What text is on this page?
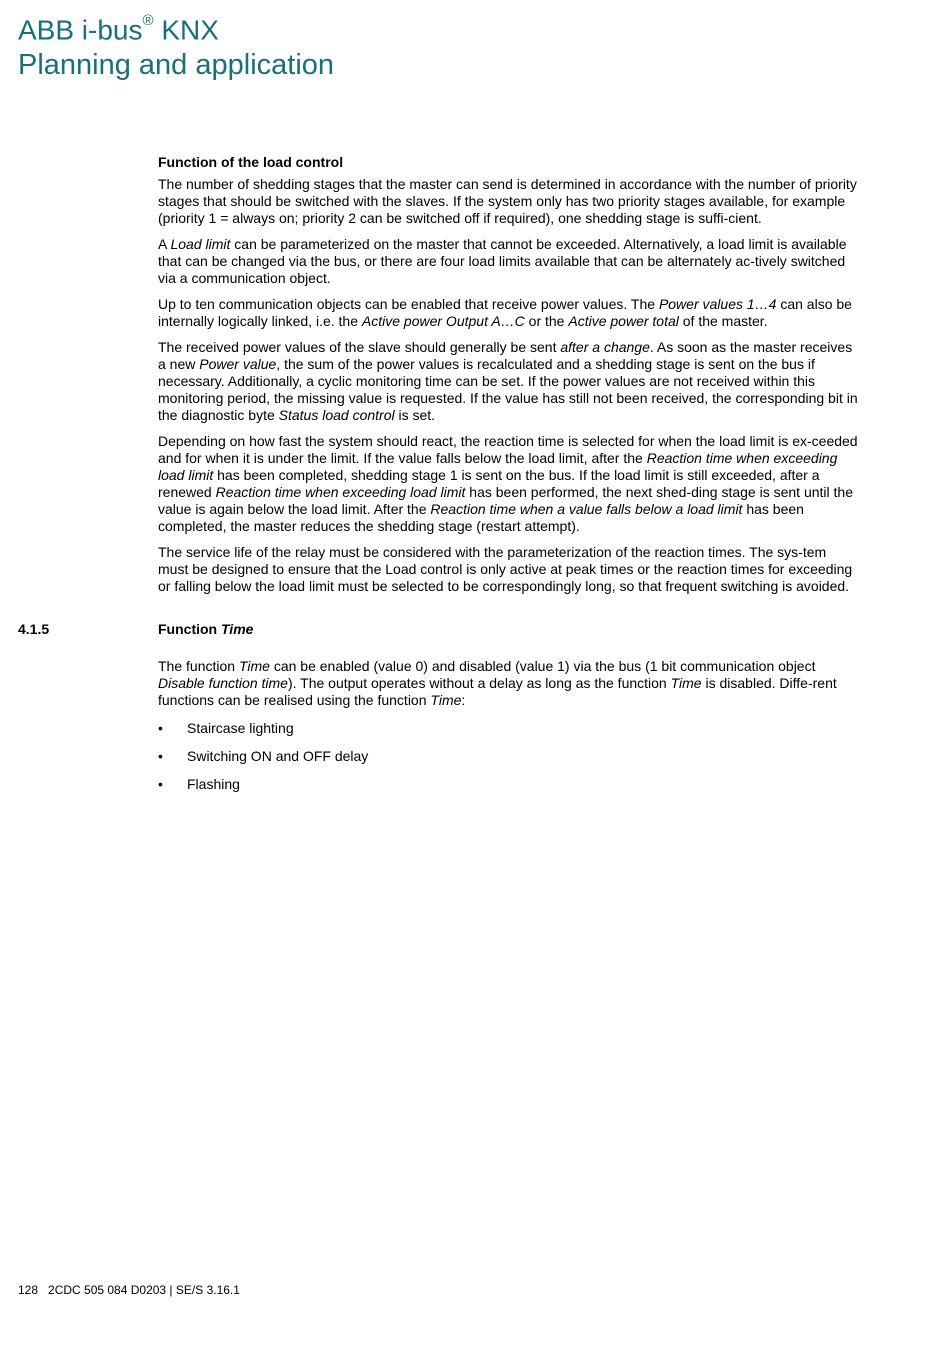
ABB i-bus® KNX
Planning and application
Function of the load control

The number of shedding stages that the master can send is determined in accordance with the number of priority stages that should be switched with the slaves. If the system only has two priority stages available, for example (priority 1 = always on; priority 2 can be switched off if required), one shedding stage is suffi-cient.

A Load limit can be parameterized on the master that cannot be exceeded. Alternatively, a load limit is available that can be changed via the bus, or there are four load limits available that can be alternately ac-tively switched via a communication object.

Up to ten communication objects can be enabled that receive power values. The Power values 1…4 can also be internally logically linked, i.e. the Active power Output A…C or the Active power total of the master.

The received power values of the slave should generally be sent after a change. As soon as the master receives a new Power value, the sum of the power values is recalculated and a shedding stage is sent on the bus if necessary. Additionally, a cyclic monitoring time can be set. If the power values are not received within this monitoring period, the missing value is requested. If the value has still not been received, the corresponding bit in the diagnostic byte Status load control is set.

Depending on how fast the system should react, the reaction time is selected for when the load limit is ex-ceeded and for when it is under the limit. If the value falls below the load limit, after the Reaction time when exceeding load limit has been completed, shedding stage 1 is sent on the bus. If the load limit is still exceeded, after a renewed Reaction time when exceeding load limit has been performed, the next shed-ding stage is sent until the value is again below the load limit. After the Reaction time when a value falls below a load limit has been completed, the master reduces the shedding stage (restart attempt).

The service life of the relay must be considered with the parameterization of the reaction times. The sys-tem must be designed to ensure that the Load control is only active at peak times or the reaction times for exceeding or falling below the load limit must be selected to be correspondingly long, so that frequent switching is avoided.

4.1.5	Function Time

The function Time can be enabled (value 0) and disabled (value 1) via the bus (1 bit communication object Disable function time). The output operates without a delay as long as the function Time is disabled. Diffe-rent functions can be realised using the function Time:

• Staircase lighting
• Switching ON and OFF delay
• Flashing
128   2CDC 505 084 D0203 | SE/S 3.16.1
